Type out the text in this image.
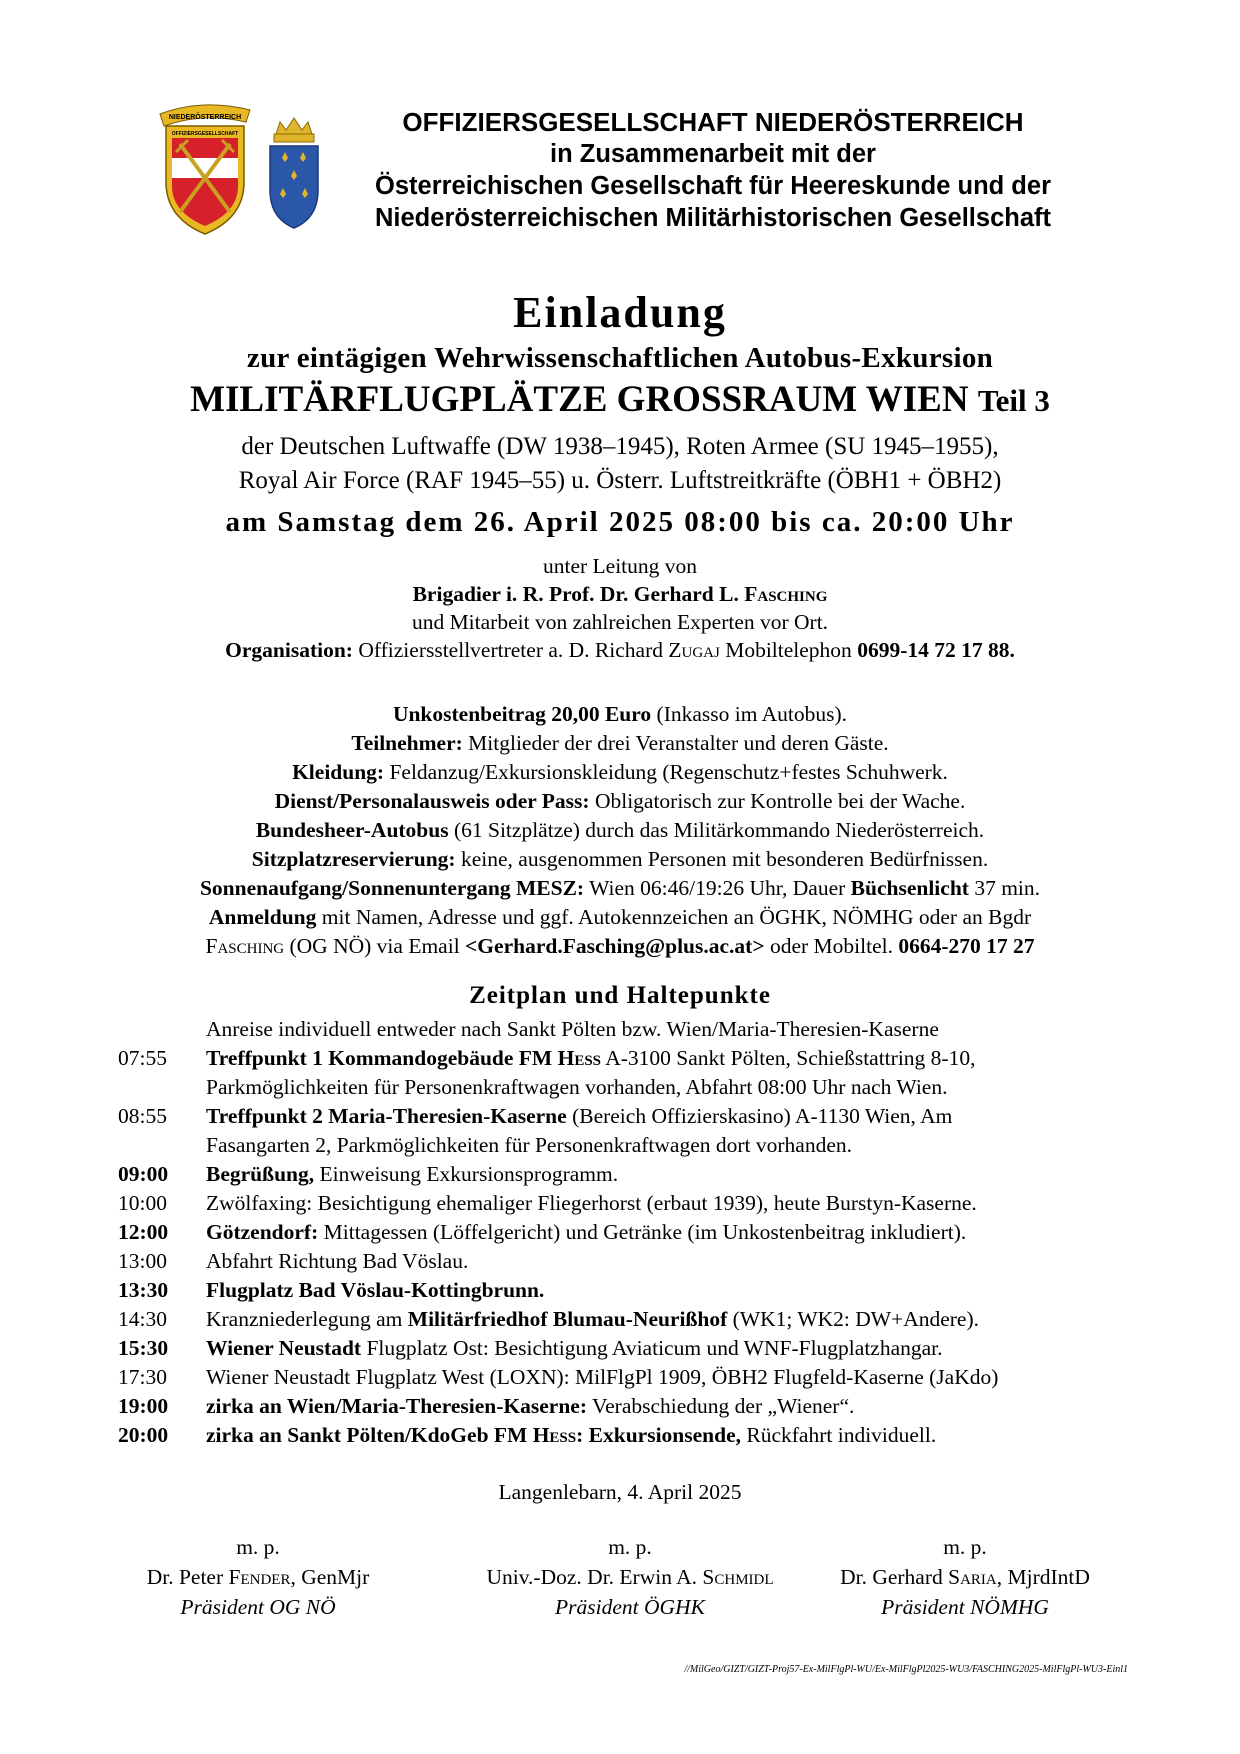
NIEDERÖSTERREICH
OFFIZIERSGESELLSCHAFT	OFFIZIERSGESELLSCHAFT NIEDERÖSTERREICH
in Zusammenarbeit mit der
Österreichischen Gesellschaft für Heereskunde und der
Niederösterreichischen Militärhistorischen Gesellschaft
Einladung
zur eintägigen Wehrwissenschaftlichen Autobus-Exkursion
MILITÄRFLUGPLÄTZE GROSSRAUM WIEN Teil 3
der Deutschen Luftwaffe (DW 1938–1945), Roten Armee (SU 1945–1955),
Royal Air Force (RAF 1945–55) u. Österr. Luftstreitkräfte (ÖBH1 + ÖBH2)
am Samstag dem 26. April 2025 08:00 bis ca. 20:00 Uhr
unter Leitung von
Brigadier i. R. Prof. Dr. Gerhard L. Fasching
und Mitarbeit von zahlreichen Experten vor Ort.
Organisation: Offiziersstellvertreter a. D. Richard Zugaj Mobiltelephon 0699-14 72 17 88.
Unkostenbeitrag 20,00 Euro (Inkasso im Autobus).
Teilnehmer: Mitglieder der drei Veranstalter und deren Gäste.
Kleidung: Feldanzug/Exkursionskleidung (Regenschutz+festes Schuhwerk.
Dienst/Personalausweis oder Pass: Obligatorisch zur Kontrolle bei der Wache.
Bundesheer-Autobus (61 Sitzplätze) durch das Militärkommando Niederösterreich.
Sitzplatzreservierung: keine, ausgenommen Personen mit besonderen Bedürfnissen.
Sonnenaufgang/Sonnenuntergang MESZ: Wien 06:46/19:26 Uhr, Dauer Büchsenlicht 37 min.
Anmeldung mit Namen, Adresse und ggf. Autokennzeichen an ÖGHK, NÖMHG oder an Bgdr
Fasching (OG NÖ) via Email <Gerhard.Fasching@plus.ac.at> oder Mobiltel. 0664-270 17 27
Zeitplan und Haltepunkte
Anreise individuell entweder nach Sankt Pölten bzw. Wien/Maria-Theresien-Kaserne
07:55	Treffpunkt 1 Kommandogebäude FM Hess A-3100 Sankt Pölten, Schießstattring 8-10,
Parkmöglichkeiten für Personenkraftwagen vorhanden, Abfahrt 08:00 Uhr nach Wien.
08:55	Treffpunkt 2 Maria-Theresien-Kaserne (Bereich Offizierskasino) A-1130 Wien, Am
Fasangarten 2, Parkmöglichkeiten für Personenkraftwagen dort vorhanden.
09:00	Begrüßung, Einweisung Exkursionsprogramm.
10:00	Zwölfaxing: Besichtigung ehemaliger Fliegerhorst (erbaut 1939), heute Burstyn-Kaserne.
12:00	Götzendorf: Mittagessen (Löffelgericht) und Getränke (im Unkostenbeitrag inkludiert).
13:00	Abfahrt Richtung Bad Vöslau.
13:30	Flugplatz Bad Vöslau-Kottingbrunn.
14:30	Kranzniederlegung am Militärfriedhof Blumau-Neurißhof (WK1; WK2: DW+Andere).
15:30	Wiener Neustadt Flugplatz Ost: Besichtigung Aviaticum und WNF-Flugplatzhangar.
17:30	Wiener Neustadt Flugplatz West (LOXN): MilFlgPl 1909, ÖBH2 Flugfeld-Kaserne (JaKdo)
19:00	zirka an Wien/Maria-Theresien-Kaserne: Verabschiedung der „Wiener“.
20:00	zirka an Sankt Pölten/KdoGeb FM Hess: Exkursionsende, Rückfahrt individuell.
Langenlebarn, 4. April 2025
m. p.
Dr. Peter Fender, GenMjr
Präsident OG NÖ
m. p.
Univ.-Doz. Dr. Erwin A. Schmidl
Präsident ÖGHK
m. p.
Dr. Gerhard Saria, MjrdIntD
Präsident NÖMHG
//MilGeo/GIZT/GIZT-Proj57-Ex-MilFlgPl-WU/Ex-MilFlgPl2025-WU3/FASCHING2025-MilFlgPl-WU3-Einl1
